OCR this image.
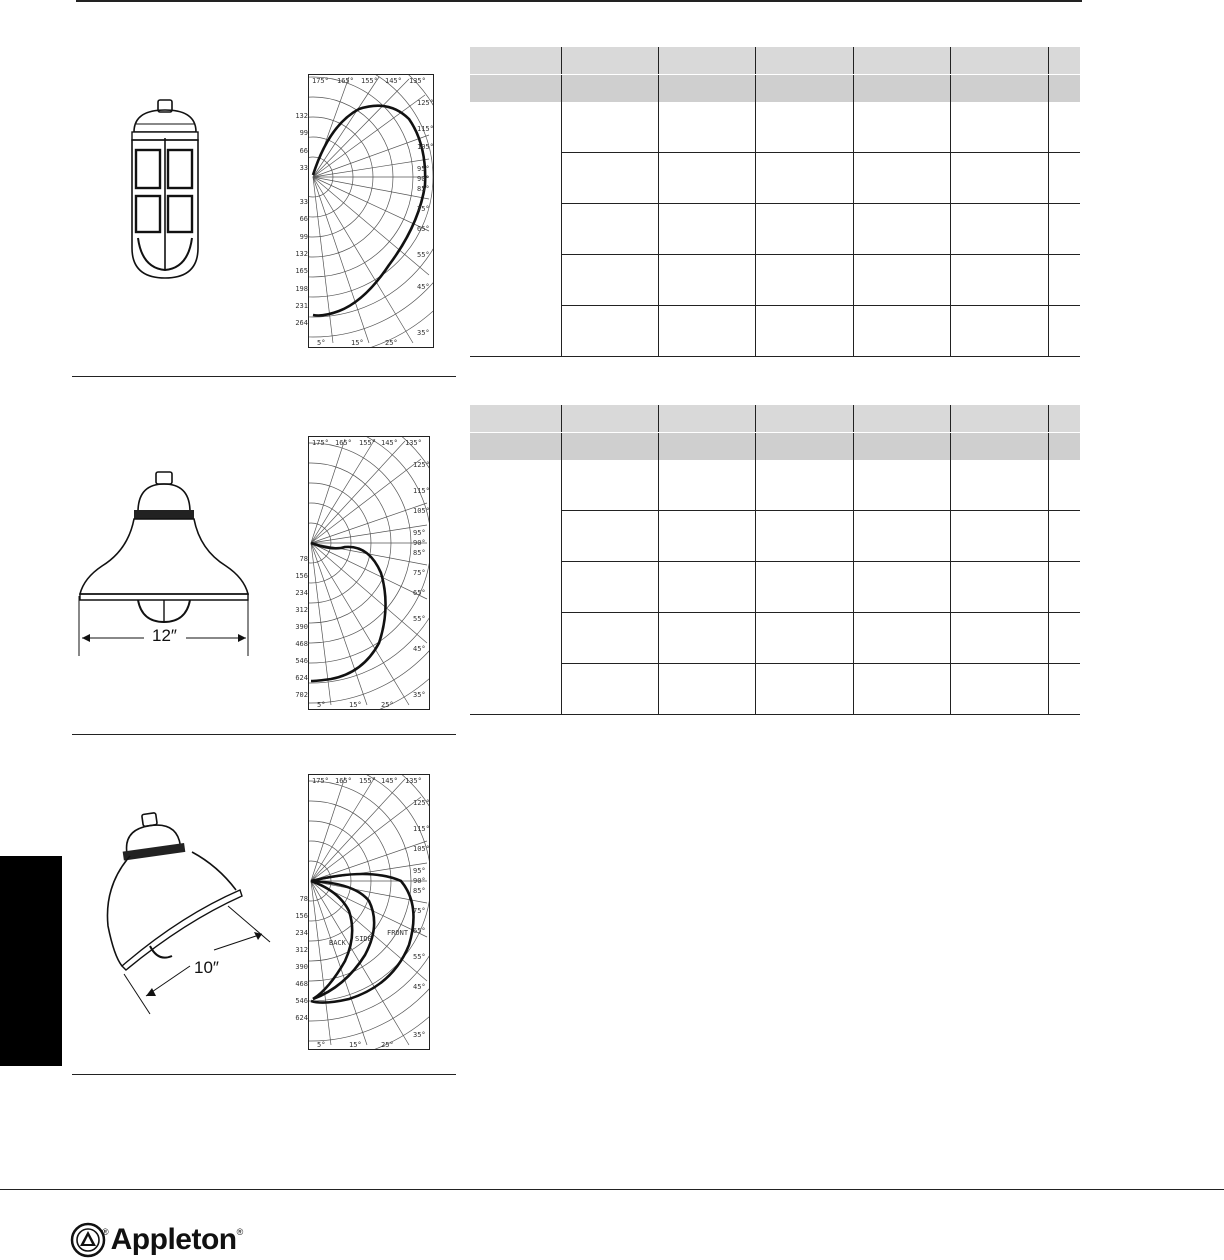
12″
10″
175° 165° 155° 145° 135°
125°
115°
105°
95°
90°
85°
75°
65°
55°
45°
35°
5°	15°	25°
132
99
66
33
33
66
99
132
165
198
231
264
175° 165° 155° 145° 135°
125°
115°
105°
95°
90°
85°
75°
65°
55°
45°
35°
5°	15°	25°
78
156
234
312
390
468
546
624
702
BACK SIDE
FRONT
175° 165° 155° 145° 135°
125°
115°
105°
95°
90°
85°
75°
65°
55°
45°
35°
5°	15°	25°
78
156
234
312
390
468
546
624

® Appleton ®
